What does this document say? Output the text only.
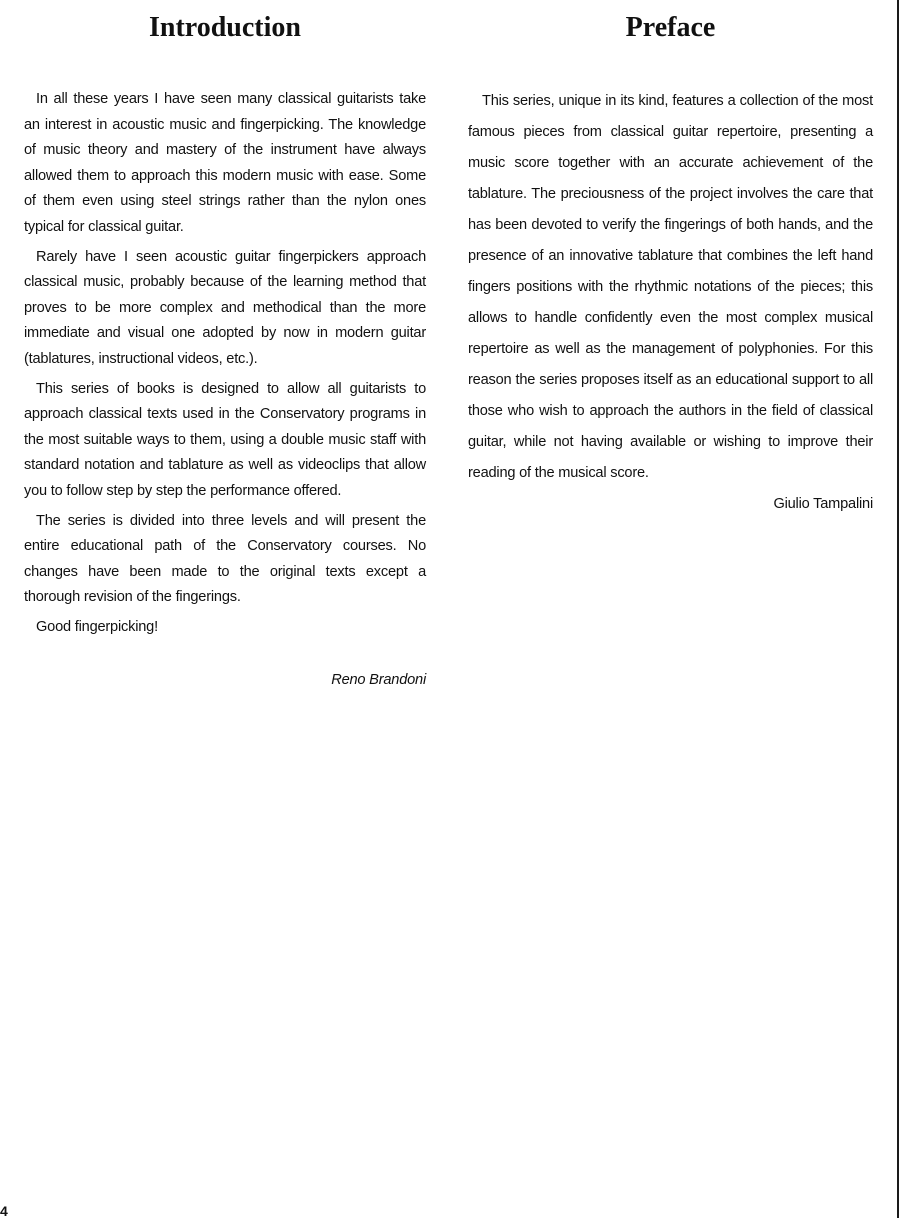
Introduction

In all these years I have seen many classical guitarists take an interest in acoustic music and fingerpicking. The knowledge of music theory and mastery of the instrument have always allowed them to approach this modern music with ease. Some of them even using steel strings rather than the nylon ones typical for classical guitar.

Rarely have I seen acoustic guitar fingerpickers approach classical music, probably because of the learning method that proves to be more complex and methodical than the more immediate and visual one adopted by now in modern guitar (tablatures, instructional videos, etc.).

This series of books is designed to allow all guitarists to approach classical texts used in the Conservatory programs in the most suitable ways to them, using a double music staff with standard notation and tablature as well as videoclips that allow you to follow step by step the performance offered.

The series is divided into three levels and will present the entire educational path of the Conservatory courses. No changes have been made to the original texts except a thorough revision of the fingerings.

Good fingerpicking!

Reno Brandoni

Preface

This series, unique in its kind, features a collection of the most famous pieces from classical guitar repertoire, presenting a music score together with an accurate achievement of the tablature. The preciousness of the project involves the care that has been devoted to verify the fingerings of both hands, and the presence of an innovative tablature that combines the left hand fingers positions with the rhythmic notations of the pieces; this allows to handle confidently even the most complex musical repertoire as well as the management of polyphonies. For this reason the series proposes itself as an educational support to all those who wish to approach the authors in the field of classical guitar, while not having available or wishing to improve their reading of the musical score.

Giulio Tampalini

4
